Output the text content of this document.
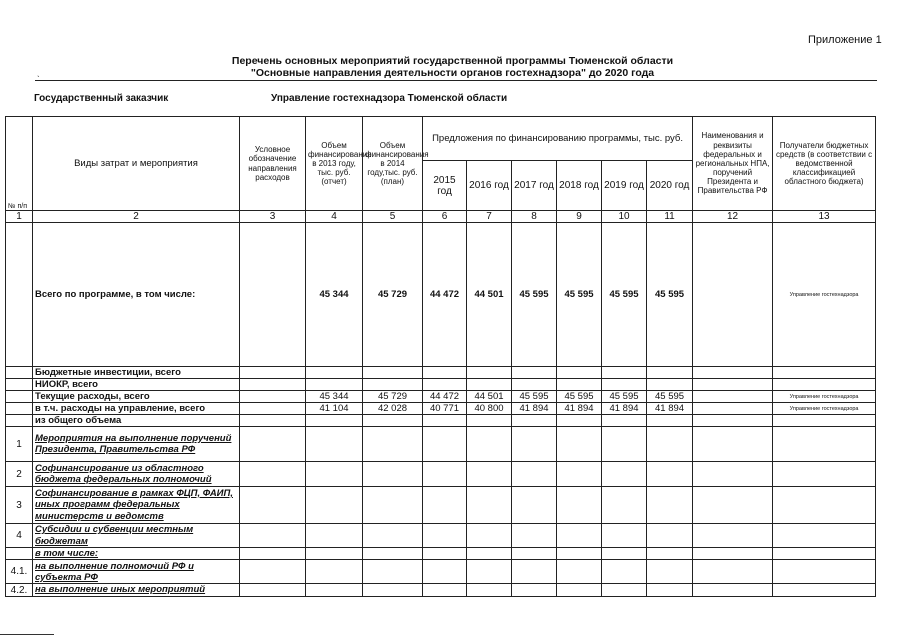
Приложение 1
Перечень основных мероприятий государственной программы Тюменской области
"Основные направления деятельности органов гостехнадзора" до 2020 года
`
Государственный заказчик	Управление гостехнадзора Тюменской области
№ п/п	Виды затрат и мероприятия	Условное обозначение направления расходов	Объем финансирования в 2013 году, тыс. руб. (отчет)	Объем финансирования в 2014 году,тыс. руб. (план)	Предложения по финансированию программы, тыс. руб.						Наименования и реквизиты федеральных и региональных НПА, поручений Президента и Правительства РФ	Получатели бюджетных средств (в соответствии с ведомственной классификацией областного бюджета)
					2015 год	2016 год	2017 год	2018 год	2019 год	2020 год		
1	2	3	4	5	6	7	8	9	10	11	12	13
	Всего по программе, в том числе:		45 344	45 729	44 472	44 501	45 595	45 595	45 595	45 595		Управление гостехнадзора
	Бюджетные инвестиции, всего											
	НИОКР, всего											
	Текущие расходы, всего		45 344	45 729	44 472	44 501	45 595	45 595	45 595	45 595		Управление гостехнадзора
	в т.ч. расходы на управление, всего		41 104	42 028	40 771	40 800	41 894	41 894	41 894	41 894		Управление гостехнадзора
	из общего объема											
1	Мероприятия на выполнение поручений Президента, Правительства РФ											
2	Софинансирование из областного бюджета федеральных полномочий											
3	Софинансирование в рамках ФЦП, ФАИП, иных программ федеральных министерств и ведомств											
4	Субсидии и субвенции местным бюджетам											
	в том числе:											
4.1.	на выполнение полномочий РФ и субъекта РФ											
4.2.	на выполнение иных мероприятий											
